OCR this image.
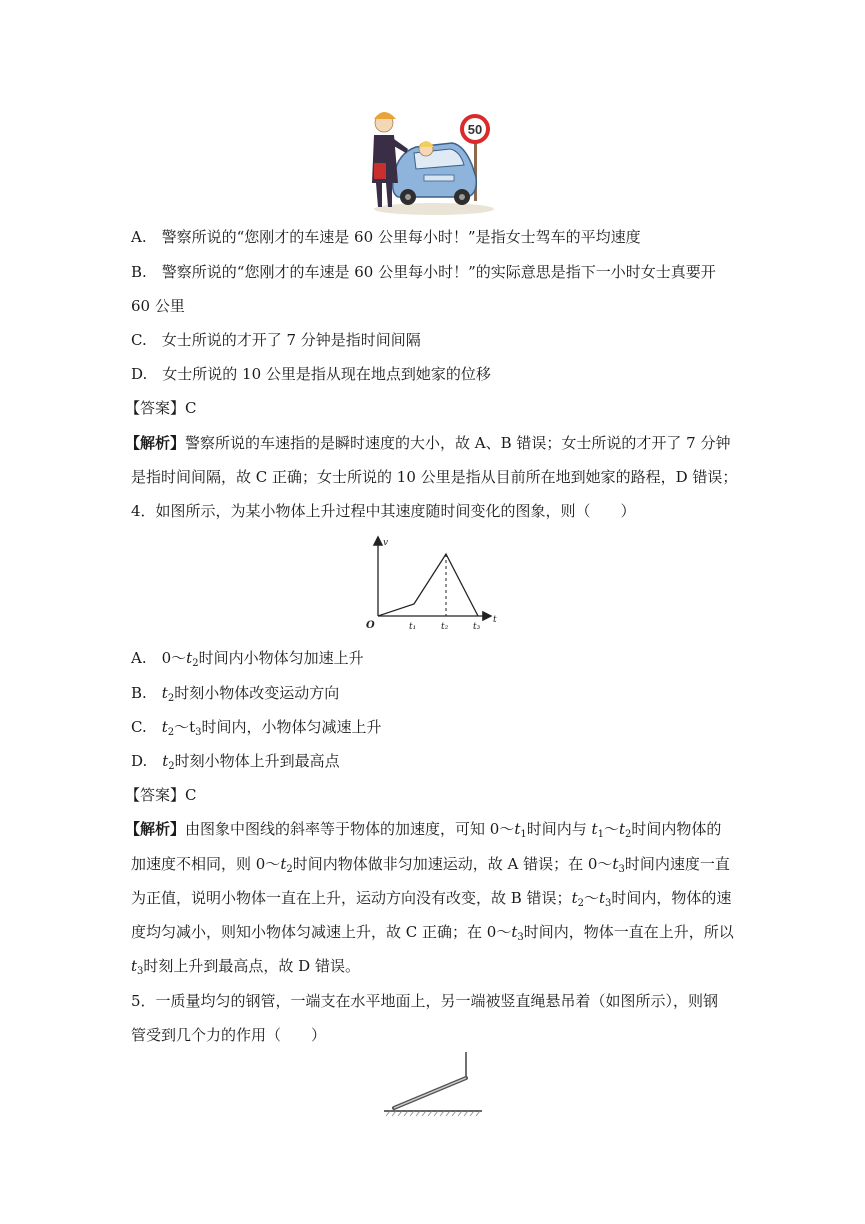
50
A.　警察所说的“您刚才的车速是 60 公里每小时！”是指女士驾车的平均速度
B.　警察所说的“您刚才的车速是 60 公里每小时！”的实际意思是指下一小时女士真要开
60 公里
C.　女士所说的才开了 7 分钟是指时间间隔
D.　女士所说的 10 公里是指从现在地点到她家的位移
【答案】C
【解析】警察所说的车速指的是瞬时速度的大小，故 A、B 错误；女士所说的才开了 7 分钟
是指时间间隔，故 C 正确；女士所说的 10 公里是指从目前所在地到她家的路程，D 错误；
4．如图所示，为某小物体上升过程中其速度随时间变化的图象，则（　　）
v
t
O	t₁	t₂	t₃
A.　$0\sim t_2$时间内小物体匀加速上升
B.　$t_2$时刻小物体改变运动方向
C.　$t_2\sim t_3$时间内，小物体匀减速上升
D.　$t_2$时刻小物体上升到最高点
【答案】C
【解析】由图象中图线的斜率等于物体的加速度，可知 $0\sim t_1$时间内与 $t_1\sim t_2$时间内物体的
加速度不相同，则 $0\sim t_2$时间内物体做非匀加速运动，故 A 错误；在 $0\sim t_3$时间内速度一直
为正值，说明小物体一直在上升，运动方向没有改变，故 B 错误；$t_2\sim t_3$时间内，物体的速
度均匀减小，则知小物体匀减速上升，故 C 正确；在 $0\sim t_3$时间内，物体一直在上升，所以
$t_3$时刻上升到最高点，故 D 错误。
5．一质量均匀的钢管，一端支在水平地面上，另一端被竖直绳悬吊着（如图所示），则钢
管受到几个力的作用（　　）
